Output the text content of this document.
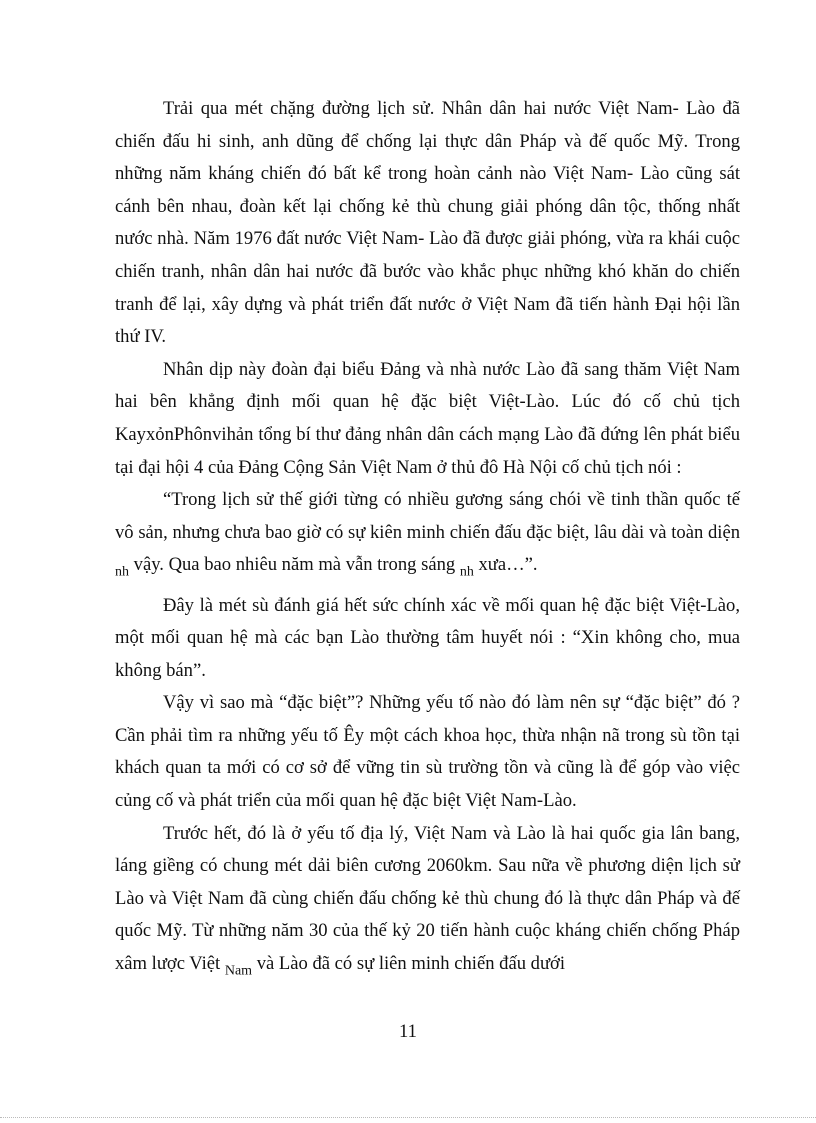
Trải qua mét chặng đường lịch sử. Nhân dân hai nước Việt Nam- Lào đã chiến đấu hi sinh, anh dũng để chống lại thực dân Pháp và đế quốc Mỹ. Trong những năm kháng chiến đó bất kể trong hoàn cảnh nào Việt Nam- Lào cũng sát cánh bên nhau, đoàn kết lại chống kẻ thù chung giải phóng dân tộc, thống nhất nước nhà. Năm 1976 đất nước Việt Nam- Lào đã được giải phóng, vừa ra khái cuộc chiến tranh, nhân dân hai nước đã bước vào khắc phục những khó khăn do chiến tranh để lại, xây dựng và phát triển đất nước ở Việt Nam đã tiến hành Đại hội lần thứ IV.

Nhân dịp này đoàn đại biểu Đảng và nhà nước Lào đã sang thăm Việt Nam hai bên khẳng định mối quan hệ đặc biệt Việt-Lào. Lúc đó cố chủ tịch KayxỏnPhônvihản tổng bí thư đảng nhân dân cách mạng Lào đã đứng lên phát biểu tại đại hội 4 của Đảng Cộng Sản Việt Nam ở thủ đô Hà Nội cố chủ tịch nói :

“Trong lịch sử thế giới từng có nhiều gương sáng chói về tinh thần quốc tế vô sản, nhưng chưa bao giờ có sự kiên minh chiến đấu đặc biệt, lâu dài và toàn diện $_{nh}$ vậy. Qua bao nhiêu năm mà vẫn trong sáng $_{nh}$ xưa…”.

Đây là mét sù đánh giá hết sức chính xác về mối quan hệ đặc biệt Việt-Lào, một mối quan hệ mà các bạn Lào thường tâm huyết nói : “Xin không cho, mua không bán”.

Vậy vì sao mà “đặc biệt”? Những yếu tố nào đó làm nên sự “đặc biệt” đó ? Cần phải tìm ra những yếu tố Êy một cách khoa học, thừa nhận nã trong sù tồn tại khách quan ta mới có cơ sở để vững tin sù trường tồn và cũng là để góp vào việc củng cố và phát triển của mối quan hệ đặc biệt Việt Nam-Lào.

Trước hết, đó là ở yếu tố địa lý, Việt Nam và Lào là hai quốc gia lân bang, láng giềng có chung mét dải biên cương 2060km. Sau nữa về phương diện lịch sử Lào và Việt Nam đã cùng chiến đấu chống kẻ thù chung đó là thực dân Pháp và đế quốc Mỹ. Từ những năm 30 của thế kỷ 20 tiến hành cuộc kháng chiến chống Pháp xâm lược Việt $_{Nam}$ và Lào đã có sự liên minh chiến đấu dưới

11
